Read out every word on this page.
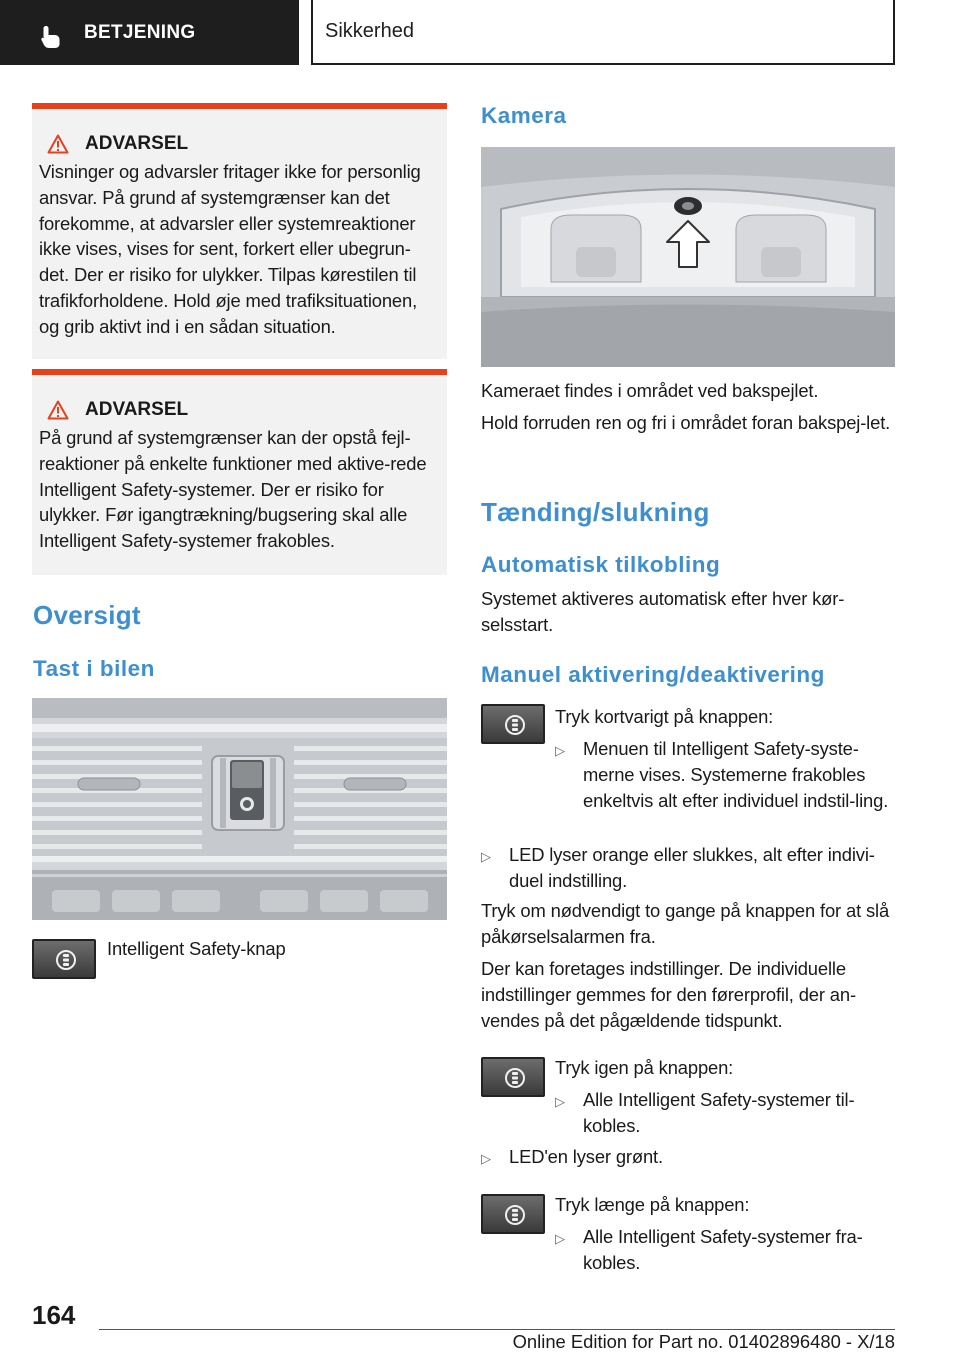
BETJENING	Sikkerhed
ADVARSEL

Visninger og advarsler fritager ikke for personlig ansvar. På grund af systemgrænser kan det forekomme, at advarsler eller systemreaktioner ikke vises, vises for sent, forkert eller ubegrun-det. Der er risiko for ulykker. Tilpas kørestilen til trafikforholdene. Hold øje med trafiksituationen, og grib aktivt ind i en sådan situation.

ADVARSEL

På grund af systemgrænser kan der opstå fejl-reaktioner på enkelte funktioner med aktive-rede Intelligent Safety-systemer. Der er risiko for ulykker. Før igangtrækning/bugsering skal alle Intelligent Safety-systemer frakobles.

Oversigt
Tast i bilen
Intelligent Safety-knap
Kamera
Kameraet findes i området ved bakspejlet.
Hold forruden ren og fri i området foran bakspej-let.
Tænding/slukning
Automatisk tilkobling
Systemet aktiveres automatisk efter hver kør-selsstart.
Manuel aktivering/deaktivering
Tryk kortvarigt på knappen:
▷ Menuen til Intelligent Safety-syste-merne vises. Systemerne frakobles enkeltvis alt efter individuel indstil-ling.
▷ LED lyser orange eller slukkes, alt efter indivi-duel indstilling.
Tryk om nødvendigt to gange på knappen for at slå påkørselsalarmen fra.
Der kan foretages indstillinger. De individuelle indstillinger gemmes for den førerprofil, der an-vendes på det pågældende tidspunkt.
Tryk igen på knappen:
▷ Alle Intelligent Safety-systemer til-kobles.
▷ LED'en lyser grønt.
Tryk længe på knappen:
▷ Alle Intelligent Safety-systemer fra-kobles.
164
Online Edition for Part no. 01402896480 - X/18
